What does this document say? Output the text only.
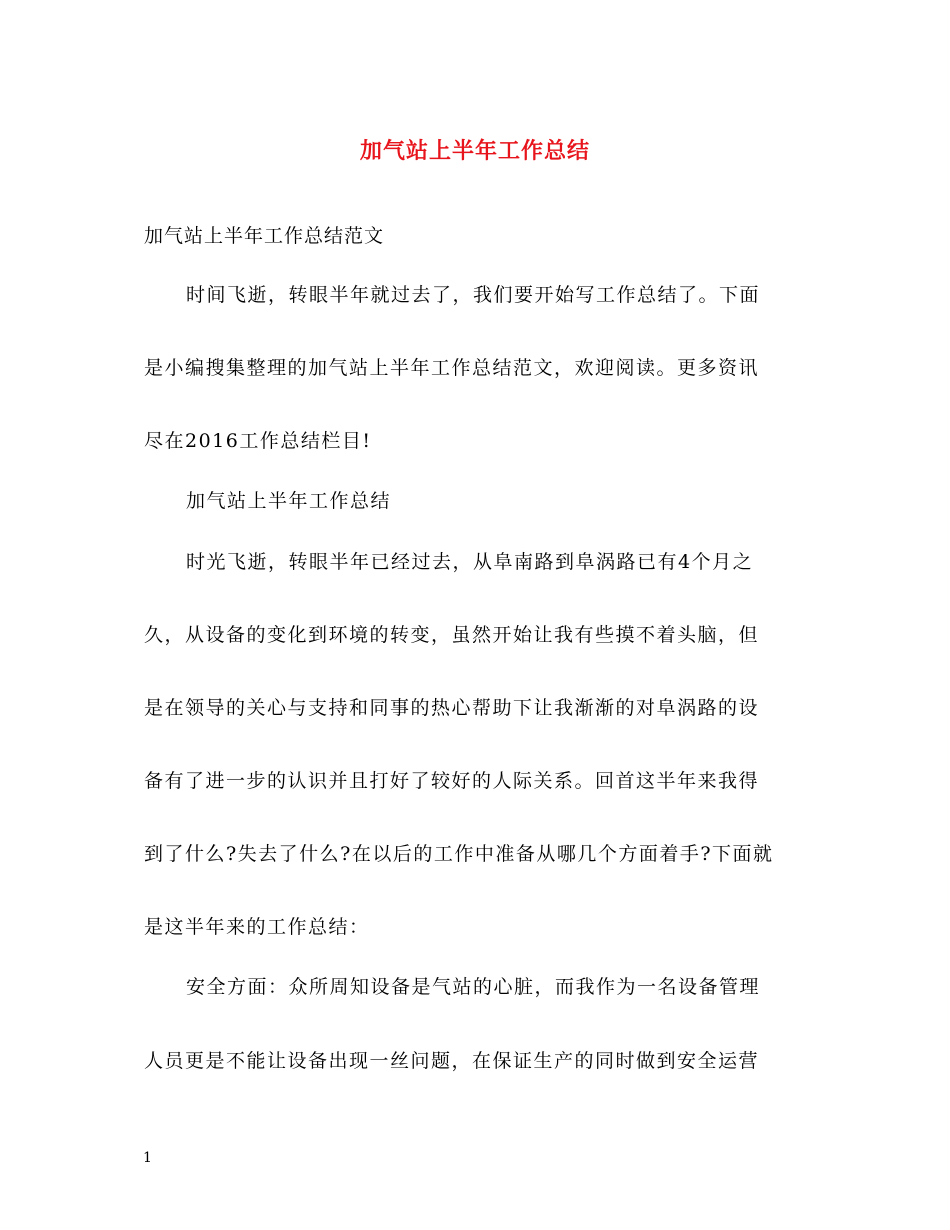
加气站上半年工作总结
加气站上半年工作总结范文
时间飞逝，转眼半年就过去了，我们要开始写工作总结了。下面
是小编搜集整理的加气站上半年工作总结范文，欢迎阅读。更多资讯
尽在2016工作总结栏目!
加气站上半年工作总结
时光飞逝，转眼半年已经过去，从阜南路到阜涡路已有4个月之
久，从设备的变化到环境的转变，虽然开始让我有些摸不着头脑，但
是在领导的关心与支持和同事的热心帮助下让我渐渐的对阜涡路的设
备有了进一步的认识并且打好了较好的人际关系。回首这半年来我得
到了什么?失去了什么?在以后的工作中准备从哪几个方面着手?下面就
是这半年来的工作总结：
安全方面：众所周知设备是气站的心脏，而我作为一名设备管理
人员更是不能让设备出现一丝问题，在保证生产的同时做到安全运营
1
